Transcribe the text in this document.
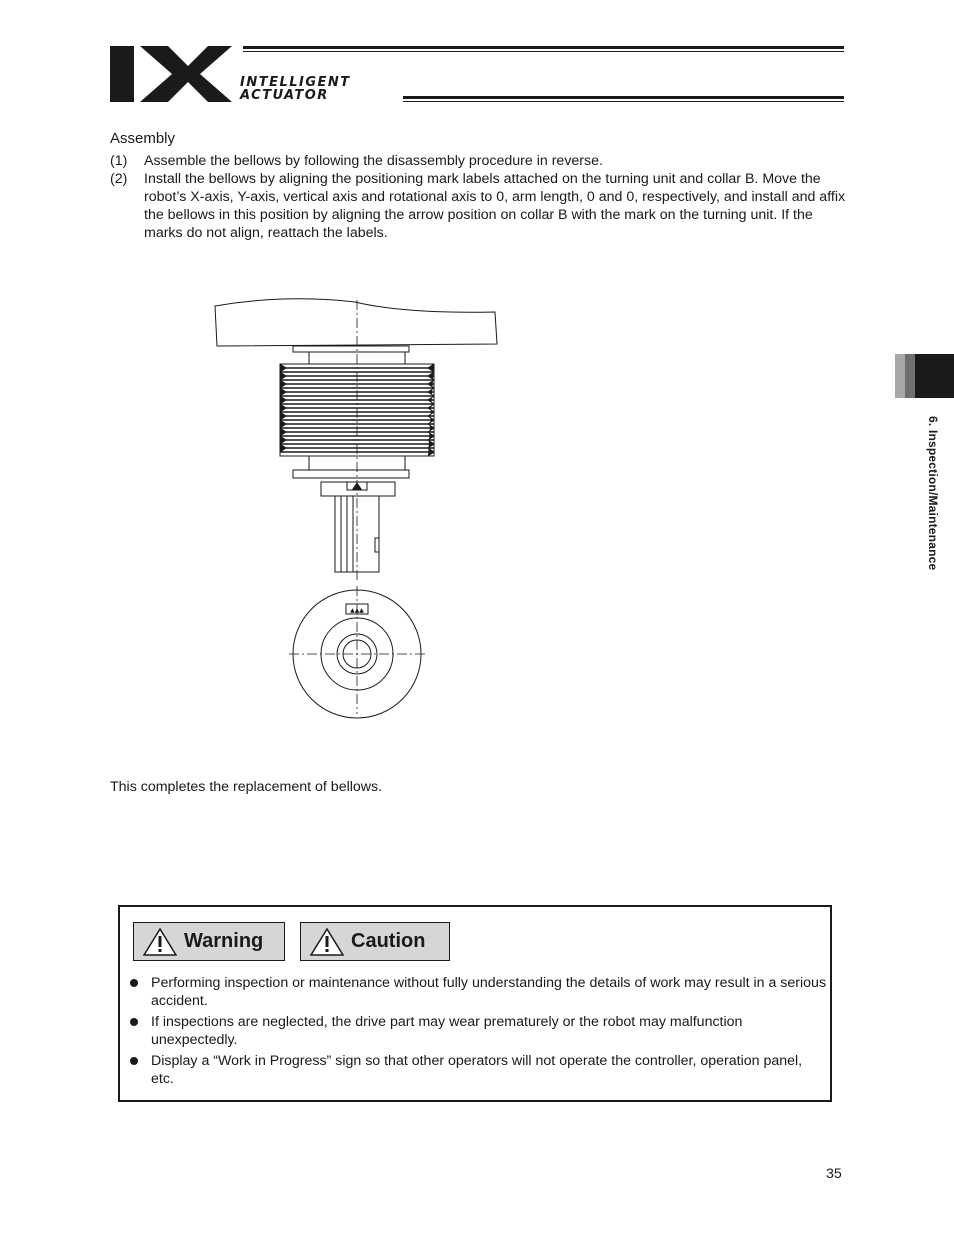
INTELLIGENT
ACTUATOR
6. Inspection/Maintenance
Assembly
(1) Assemble the bellows by following the disassembly procedure in reverse.
(2) Install the bellows by aligning the positioning mark labels attached on the turning unit and collar B. Move the robot’s X-axis, Y-axis, vertical axis and rotational axis to 0, arm length, 0 and 0, respectively, and install and affix the bellows in this position by aligning the arrow position on collar B with the mark on the turning unit. If the marks do not align, reattach the labels.
▲▲▲
This completes the replacement of bellows.
Warning	Caution
Performing inspection or maintenance without fully understanding the details of work may result in a serious accident.
If inspections are neglected, the drive part may wear prematurely or the robot may malfunction unexpectedly.
Display a “Work in Progress” sign so that other operators will not operate the controller, operation panel, etc.
35
